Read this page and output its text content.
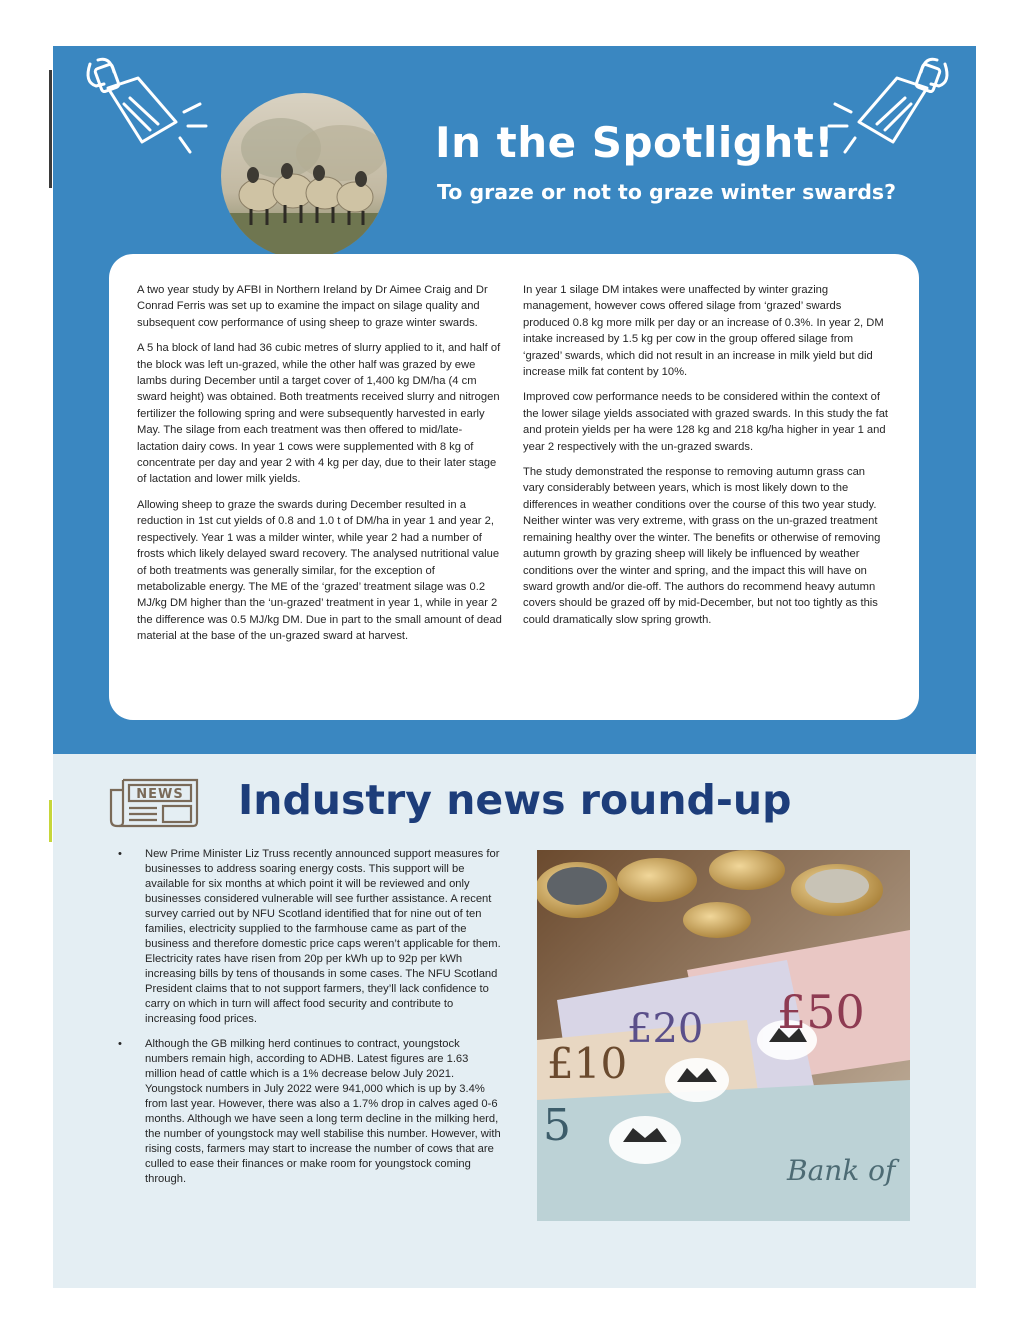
In the Spotlight!
To graze or not to graze winter swards?

A two year study by AFBI in Northern Ireland by Dr Aimee Craig and Dr Conrad Ferris was set up to examine the impact on silage quality and subsequent cow performance of using sheep to graze winter swards.

A 5 ha block of land had 36 cubic metres of slurry applied to it, and half of the block was left un-grazed, while the other half was grazed by ewe lambs during December until a target cover of 1,400 kg DM/ha (4 cm sward height) was obtained. Both treatments received slurry and nitrogen fertilizer the following spring and were subsequently harvested in early May. The silage from each treatment was then offered to mid/late-lactation dairy cows. In year 1 cows were supplemented with 8 kg of concentrate per day and year 2 with 4 kg per day, due to their later stage of lactation and lower milk yields.

Allowing sheep to graze the swards during December resulted in a reduction in 1st cut yields of 0.8 and 1.0 t of DM/ha in year 1 and year 2, respectively. Year 1 was a milder winter, while year 2 had a number of frosts which likely delayed sward recovery. The analysed nutritional value of both treatments was generally similar, for the exception of metabolizable energy. The ME of the ‘grazed’ treatment silage was 0.2 MJ/kg DM higher than the ‘un-grazed’ treatment in year 1, while in year 2 the difference was 0.5 MJ/kg DM. Due in part to the small amount of dead material at the base of the un-grazed sward at harvest.

In year 1 silage DM intakes were unaffected by winter grazing management, however cows offered silage from ‘grazed’ swards produced 0.8 kg more milk per day or an increase of 0.3%. In year 2, DM intake increased by 1.5 kg per cow in the group offered silage from ‘grazed’ swards, which did not result in an increase in milk yield but did increase milk fat content by 10%.

Improved cow performance needs to be considered within the context of the lower silage yields associated with grazed swards. In this study the fat and protein yields per ha were 128 kg and 218 kg/ha higher in year 1 and year 2 respectively with the un-grazed swards.

The study demonstrated the response to removing autumn grass can vary considerably between years, which is most likely down to the differences in weather conditions over the course of this two year study. Neither winter was very extreme, with grass on the un-grazed treatment remaining healthy over the winter. The benefits or otherwise of removing autumn growth by grazing sheep will likely be influenced by weather conditions over the winter and spring, and the impact this will have on sward growth and/or die-off. The authors do recommend heavy autumn covers should be grazed off by mid-December, but not too tightly as this could dramatically slow spring growth.

NEWS Industry news round-up
• New Prime Minister Liz Truss recently announced support measures for businesses to address soaring energy costs. This support will be available for six months at which point it will be reviewed and only businesses considered vulnerable will see further assistance. A recent survey carried out by NFU Scotland identified that for nine out of ten families, electricity supplied to the farmhouse came as part of the business and therefore domestic price caps weren’t applicable for them. Electricity rates have risen from 20p per kWh up to 92p per kWh increasing bills by tens of thousands in some cases. The NFU Scotland President claims that to not support farmers, they’ll lack confidence to carry on which in turn will affect food security and contribute to increasing food prices.
• Although the GB milking herd continues to contract, youngstock numbers remain high, according to ADHB. Latest figures are 1.63 million head of cattle which is a 1% decrease below July 2021. Youngstock numbers in July 2022 were 941,000 which is up by 3.4% from last year. However, there was also a 1.7% drop in calves aged 0-6 months. Although we have seen a long term decline in the milking herd, the number of youngstock may well stabilise this number. However, with rising costs, farmers may start to increase the number of cows that are culled to ease their finances or make room for youngstock coming through.
£50
£20
£10
5
Bank of
